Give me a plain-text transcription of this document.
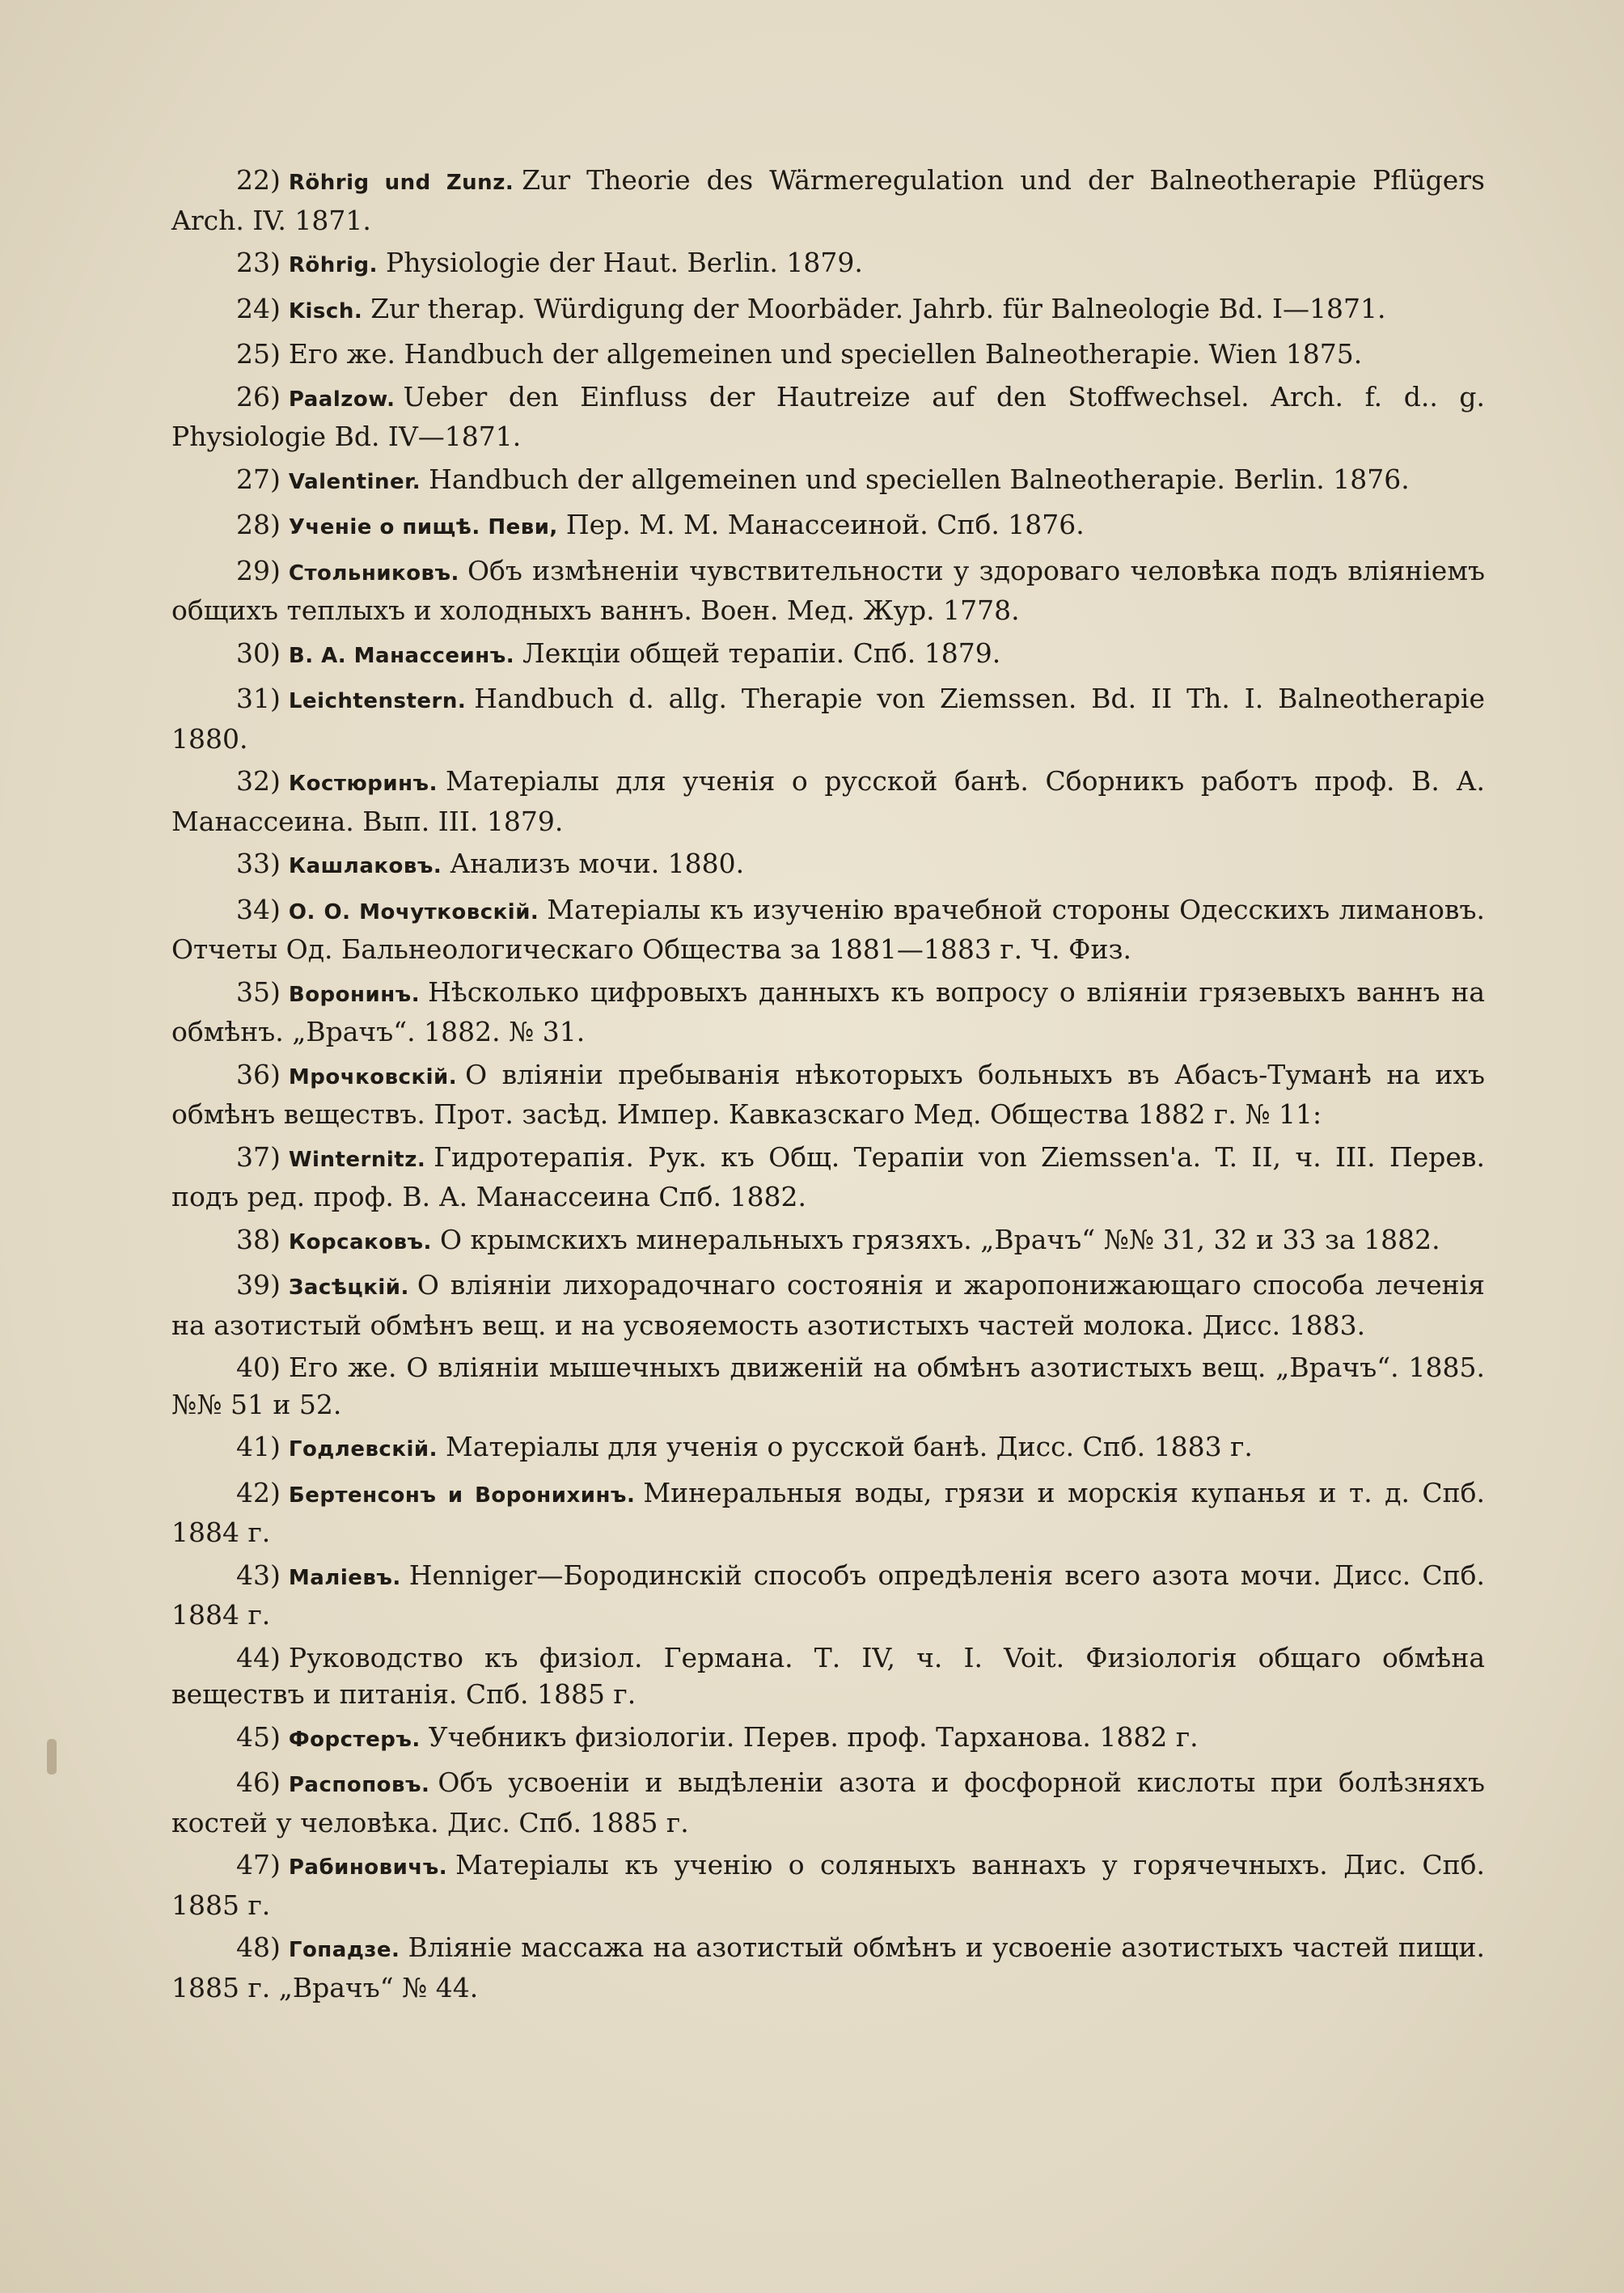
22) Röhrig und Zunz. Zur Theorie des Wärmeregulation und der Balneotherapie Pflügers Arch. IV. 1871.

23) Röhrig. Physiologie der Haut. Berlin. 1879.

24) Kisch. Zur therap. Würdigung der Moorbäder. Jahrb. für Balneologie Bd. I—1871.

25) Его же. Handbuch der allgemeinen und speciellen Balneotherapie. Wien 1875.

26) Paalzow. Ueber den Einfluss der Hautreize auf den Stoffwechsel. Arch. f. d.. g. Physiologie Bd. IV—1871.

27) Valentiner. Handbuch der allgemeinen und speciellen Balneotherapie. Berlin. 1876.

28) Ученіе о пищѣ. Певи, Пер. М. М. Манассеиной. Спб. 1876.

29) Стольниковъ. Объ измѣненіи чувствительности у здороваго человѣка подъ вліяніемъ общихъ теплыхъ и холодныхъ ваннъ. Воен. Мед. Жур. 1778.

30) В. А. Манассеинъ. Лекціи общей терапіи. Спб. 1879.

31) Leichtenstern. Handbuch d. allg. Therapie von Ziemssen. Bd. II Th. I. Balneotherapie 1880.

32) Костюринъ. Матеріалы для ученія о русской банѣ. Сборникъ работъ проф. В. А. Манассеина. Вып. III. 1879.

33) Кашлаковъ. Анализъ мочи. 1880.

34) О. О. Мочутковскій. Матеріалы къ изученію врачебной стороны Одесскихъ лимановъ. Отчеты Од. Бальнеологическаго Общества за 1881—1883 г. Ч. Физ.

35) Воронинъ. Нѣсколько цифровыхъ данныхъ къ вопросу о вліяніи грязевыхъ ваннъ на обмѣнъ. „Врачъ“. 1882. № 31.

36) Мрочковскій. О вліяніи пребыванія нѣкоторыхъ больныхъ въ Абасъ-Туманѣ на ихъ обмѣнъ веществъ. Прот. засѣд. Импер. Кавказскаго Мед. Общества 1882 г. № 11:

37) Winternitz. Гидротерапія. Рук. къ Общ. Терапіи von Ziemssen'a. T. II, ч. III. Перев. подъ ред. проф. В. А. Манассеина Спб. 1882.

38) Корсаковъ. О крымскихъ минеральныхъ грязяхъ. „Врачъ“ №№ 31, 32 и 33 за 1882.

39) Засѣцкій. О вліяніи лихорадочнаго состоянія и жаропонижающаго способа леченія на азотистый обмѣнъ вещ. и на усвояемость азотистыхъ частей молока. Дисс. 1883.

40) Его же. О вліяніи мышечныхъ движеній на обмѣнъ азотистыхъ вещ. „Врачъ“. 1885. №№ 51 и 52.

41) Годлевскій. Матеріалы для ученія о русской банѣ. Дисс. Спб. 1883 г.

42) Бертенсонъ и Воронихинъ. Минеральныя воды, грязи и морскія купанья и т. д. Спб. 1884 г.

43) Маліевъ. Henniger—Бородинскій способъ опредѣленія всего азота мочи. Дисс. Спб. 1884 г.

44) Руководство къ физіол. Германа. Т. IV, ч. I. Voit. Физіологія общаго обмѣна веществъ и питанія. Спб. 1885 г.

45) Форстеръ. Учебникъ физіологіи. Перев. проф. Тарханова. 1882 г.

46) Распоповъ. Объ усвоеніи и выдѣленіи азота и фосфорной кислоты при болѣзняхъ костей у человѣка. Дис. Спб. 1885 г.

47) Рабиновичъ. Матеріалы къ ученію о соляныхъ ваннахъ у горячечныхъ. Дис. Спб. 1885 г.

48) Гопадзе. Вліяніе массажа на азотистый обмѣнъ и усвоеніе азотистыхъ частей пищи. 1885 г. „Врачъ“ № 44.
